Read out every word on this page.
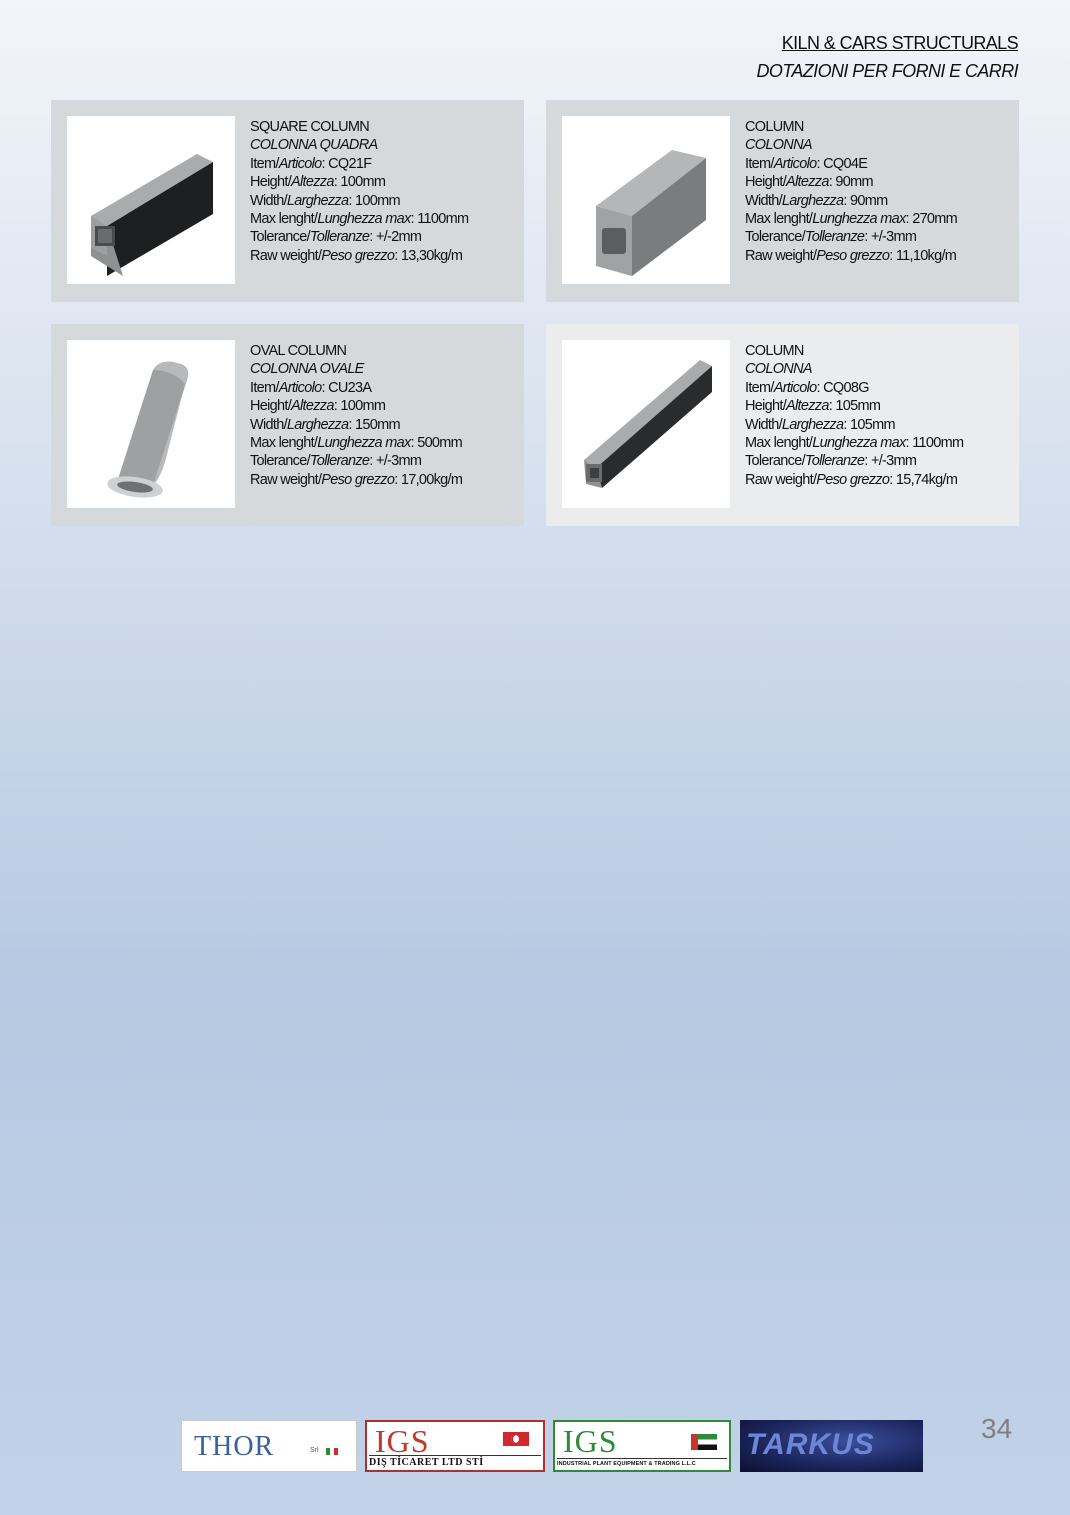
KILN & CARS STRUCTURALS
DOTAZIONI PER FORNI E CARRI
SQUARE COLUMN
COLONNA QUADRA
Item/Articolo: CQ21F
Height/Altezza: 100mm
Width/Larghezza: 100mm
Max lenght/Lunghezza max: 1100mm
Tolerance/Tolleranze: +/-2mm
Raw weight/Peso grezzo: 13,30kg/m
COLUMN
COLONNA
Item/Articolo: CQ04E
Height/Altezza: 90mm
Width/Larghezza: 90mm
Max lenght/Lunghezza max: 270mm
Tolerance/Tolleranze: +/-3mm
Raw weight/Peso grezzo: 11,10kg/m
OVAL COLUMN
COLONNA OVALE
Item/Articolo: CU23A
Height/Altezza: 100mm
Width/Larghezza: 150mm
Max lenght/Lunghezza max: 500mm
Tolerance/Tolleranze: +/-3mm
Raw weight/Peso grezzo: 17,00kg/m
COLUMN
COLONNA
Item/Articolo: CQ08G
Height/Altezza: 105mm
Width/Larghezza: 105mm
Max lenght/Lunghezza max: 1100mm
Tolerance/Tolleranze: +/-3mm
Raw weight/Peso grezzo: 15,74kg/m
THOR	Srl IGS
DIŞ TİCARET LTD STİ
IGS
INDUSTRIAL PLANT EQUIPMENT & TRADING L.L.C
TARKUS	34
